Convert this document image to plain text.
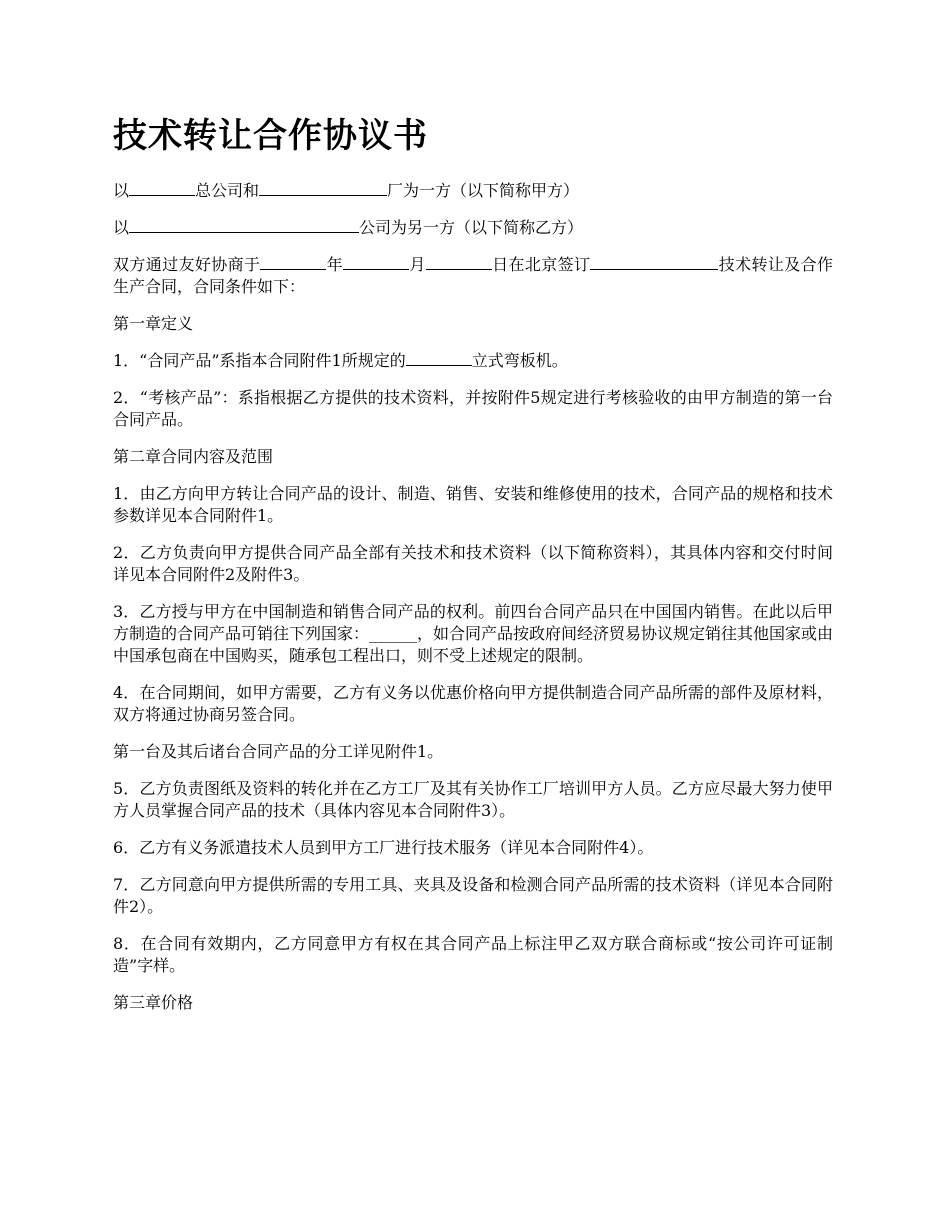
技术转让合作协议书

以	总公司和	厂为一方（以下简称甲方）

以	公司为另一方（以下简称乙方）

双方通过友好协商于	年	月	日在北京签订	技术转让及合作生产合同，合同条件如下：

第一章定义

1．“合同产品”系指本合同附件1所规定的	立式弯板机。

2．“考核产品”：系指根据乙方提供的技术资料，并按附件5规定进行考核验收的由甲方制造的第一台合同产品。

第二章合同内容及范围

1．由乙方向甲方转让合同产品的设计、制造、销售、安装和维修使用的技术，合同产品的规格和技术参数详见本合同附件1。

2．乙方负责向甲方提供合同产品全部有关技术和技术资料（以下简称资料），其具体内容和交付时间详见本合同附件2及附件3。

3．乙方授与甲方在中国制造和销售合同产品的权利。前四台合同产品只在中国国内销售。在此以后甲方制造的合同产品可销往下列国家：______，如合同产品按政府间经济贸易协议规定销往其他国家或由中国承包商在中国购买，随承包工程出口，则不受上述规定的限制。

4．在合同期间，如甲方需要，乙方有义务以优惠价格向甲方提供制造合同产品所需的部件及原材料，双方将通过协商另签合同。

第一台及其后诸台合同产品的分工详见附件1。

5．乙方负责图纸及资料的转化并在乙方工厂及其有关协作工厂培训甲方人员。乙方应尽最大努力使甲方人员掌握合同产品的技术（具体内容见本合同附件3）。

6．乙方有义务派遣技术人员到甲方工厂进行技术服务（详见本合同附件4）。

7．乙方同意向甲方提供所需的专用工具、夹具及设备和检测合同产品所需的技术资料（详见本合同附件2）。

8．在合同有效期内，乙方同意甲方有权在其合同产品上标注甲乙双方联合商标或“按公司许可证制造”字样。

第三章价格
